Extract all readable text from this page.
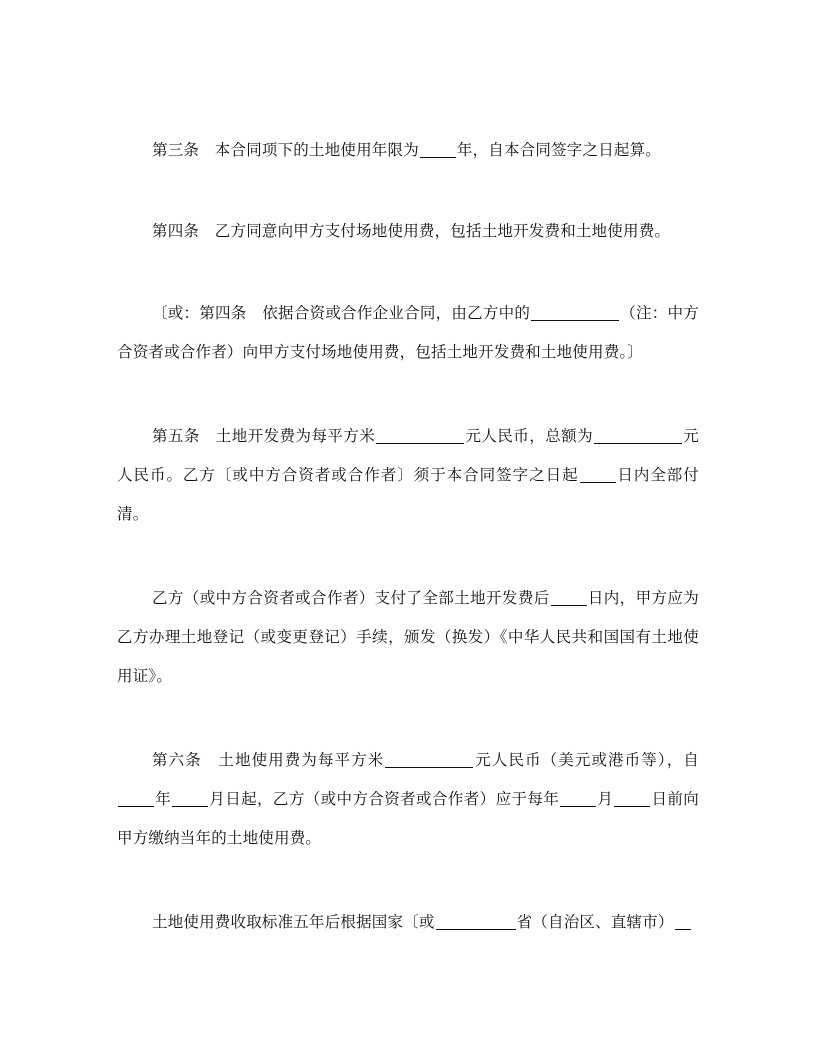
第三条　本合同项下的土地使用年限为 年，自本合同签字之日起算。

第四条　乙方同意向甲方支付场地使用费，包括土地开发费和土地使用费。

〔或：第四条　依据合资或合作企业合同，由乙方中的	（注：中方合资者或合作者）向甲方支付场地使用费，包括土地开发费和土地使用费。〕

第五条　土地开发费为每平方米	元人民币，总额为	元人民币。乙方〔或中方合资者或合作者〕须于本合同签字之日起 日内全部付清。

乙方（或中方合资者或合作者）支付了全部土地开发费后 日内，甲方应为乙方办理土地登记（或变更登记）手续，颁发（换发）《中华人民共和国国有土地使用证》。

第六条　土地使用费为每平方米	元人民币（美元或港币等），自年 月日起，乙方（或中方合资者或合作者）应于每年 月 日前向甲方缴纳当年的土地使用费。

土地使用费收取标准五年后根据国家〔或	省（自治区、直辖市）
